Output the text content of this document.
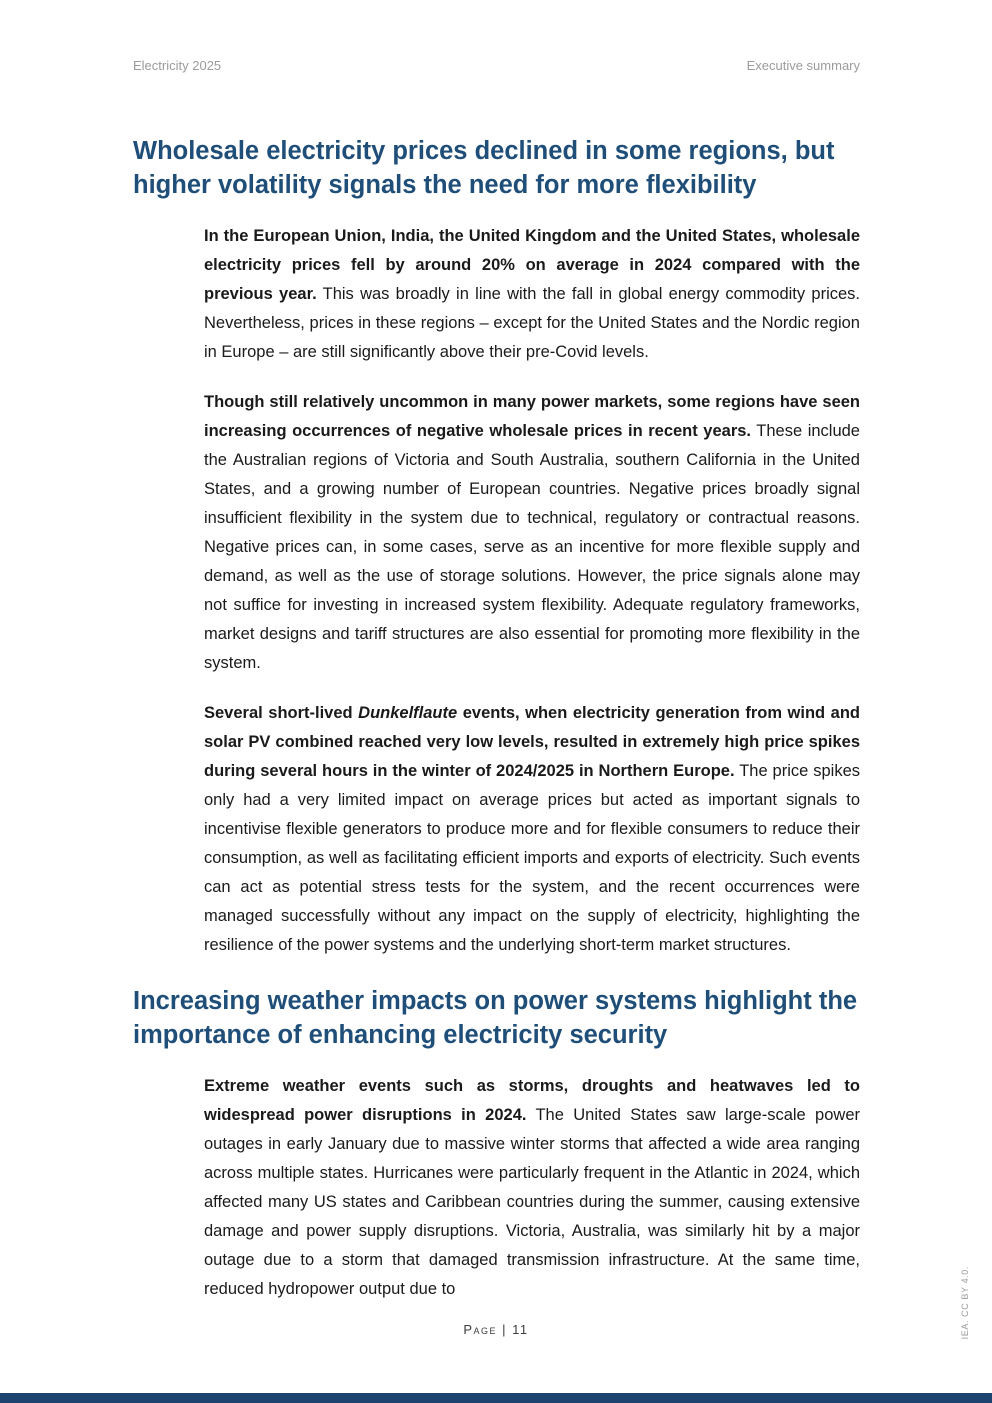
Electricity 2025	Executive summary
Wholesale electricity prices declined in some regions, but higher volatility signals the need for more flexibility

In the European Union, India, the United Kingdom and the United States, wholesale electricity prices fell by around 20% on average in 2024 compared with the previous year. This was broadly in line with the fall in global energy commodity prices. Nevertheless, prices in these regions – except for the United States and the Nordic region in Europe – are still significantly above their pre-Covid levels.

Though still relatively uncommon in many power markets, some regions have seen increasing occurrences of negative wholesale prices in recent years. These include the Australian regions of Victoria and South Australia, southern California in the United States, and a growing number of European countries. Negative prices broadly signal insufficient flexibility in the system due to technical, regulatory or contractual reasons. Negative prices can, in some cases, serve as an incentive for more flexible supply and demand, as well as the use of storage solutions. However, the price signals alone may not suffice for investing in increased system flexibility. Adequate regulatory frameworks, market designs and tariff structures are also essential for promoting more flexibility in the system.

Several short-lived Dunkelflaute events, when electricity generation from wind and solar PV combined reached very low levels, resulted in extremely high price spikes during several hours in the winter of 2024/2025 in Northern Europe. The price spikes only had a very limited impact on average prices but acted as important signals to incentivise flexible generators to produce more and for flexible consumers to reduce their consumption, as well as facilitating efficient imports and exports of electricity. Such events can act as potential stress tests for the system, and the recent occurrences were managed successfully without any impact on the supply of electricity, highlighting the resilience of the power systems and the underlying short-term market structures.

Increasing weather impacts on power systems highlight the importance of enhancing electricity security

Extreme weather events such as storms, droughts and heatwaves led to widespread power disruptions in 2024. The United States saw large-scale power outages in early January due to massive winter storms that affected a wide area ranging across multiple states. Hurricanes were particularly frequent in the Atlantic in 2024, which affected many US states and Caribbean countries during the summer, causing extensive damage and power supply disruptions. Victoria, Australia, was similarly hit by a major outage due to a storm that damaged transmission infrastructure. At the same time, reduced hydropower output due to

Page | 11	IEA. CC BY 4.0.
